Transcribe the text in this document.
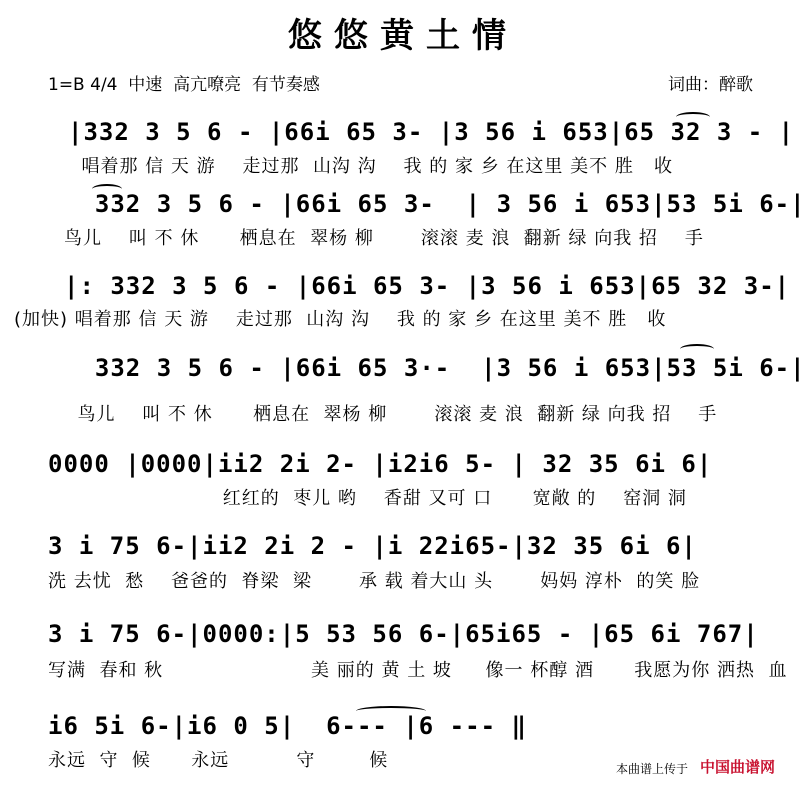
悠悠黄土情
1=B 4/4  中速  高亢嘹亮  有节奏感	词曲：醉歌
|332 3 5 6 - |66i 65 3- |3 56 i 653|65 32 3 - |
唱着那 信 天 游    走过那  山沟 沟    我 的 家 乡 在这里 美不 胜   收
332 3 5 6 - |66i 65 3-  | 3 56 i 653|53 5i 6-|
鸟儿    叫 不 休      栖息在  翠杨 柳       滚滚 麦 浪  翻新 绿 向我 招    手
|: 332 3 5 6 - |66i 65 3- |3 56 i 653|65 32 3-|
(加快) 唱着那 信 天 游    走过那  山沟 沟    我 的 家 乡 在这里 美不 胜   收
332 3 5 6 - |66i 65 3·-  |3 56 i 653|53 5i 6-|
鸟儿    叫 不 休      栖息在  翠杨 柳       滚滚 麦 浪  翻新 绿 向我 招    手
0000 |0000|ii2 2i 2- |i2i6 5- | 32 35 6i 6|
红红的  枣儿 哟    香甜 又可 口      宽敞 的    窑洞 洞
3 i 75 6-|ii2 2i 2 - |i 22i65-|32 35 6i 6|
洗 去忧  愁    爸爸的  脊梁  梁       承 载 着大山 头       妈妈 淳朴  的笑 脸
3 i 75 6-|0000:|5 53 56 6-|65i65 - |65 6i 767|
写满  春和 秋                      美 丽的 黄 土 坡     像一 杯醇 酒      我愿为你 洒热  血
i6 5i 6-|i6 0 5|  6--- |6 --- ‖
永远  守  候      永远          守        候	本曲谱上传于 中国曲谱网
